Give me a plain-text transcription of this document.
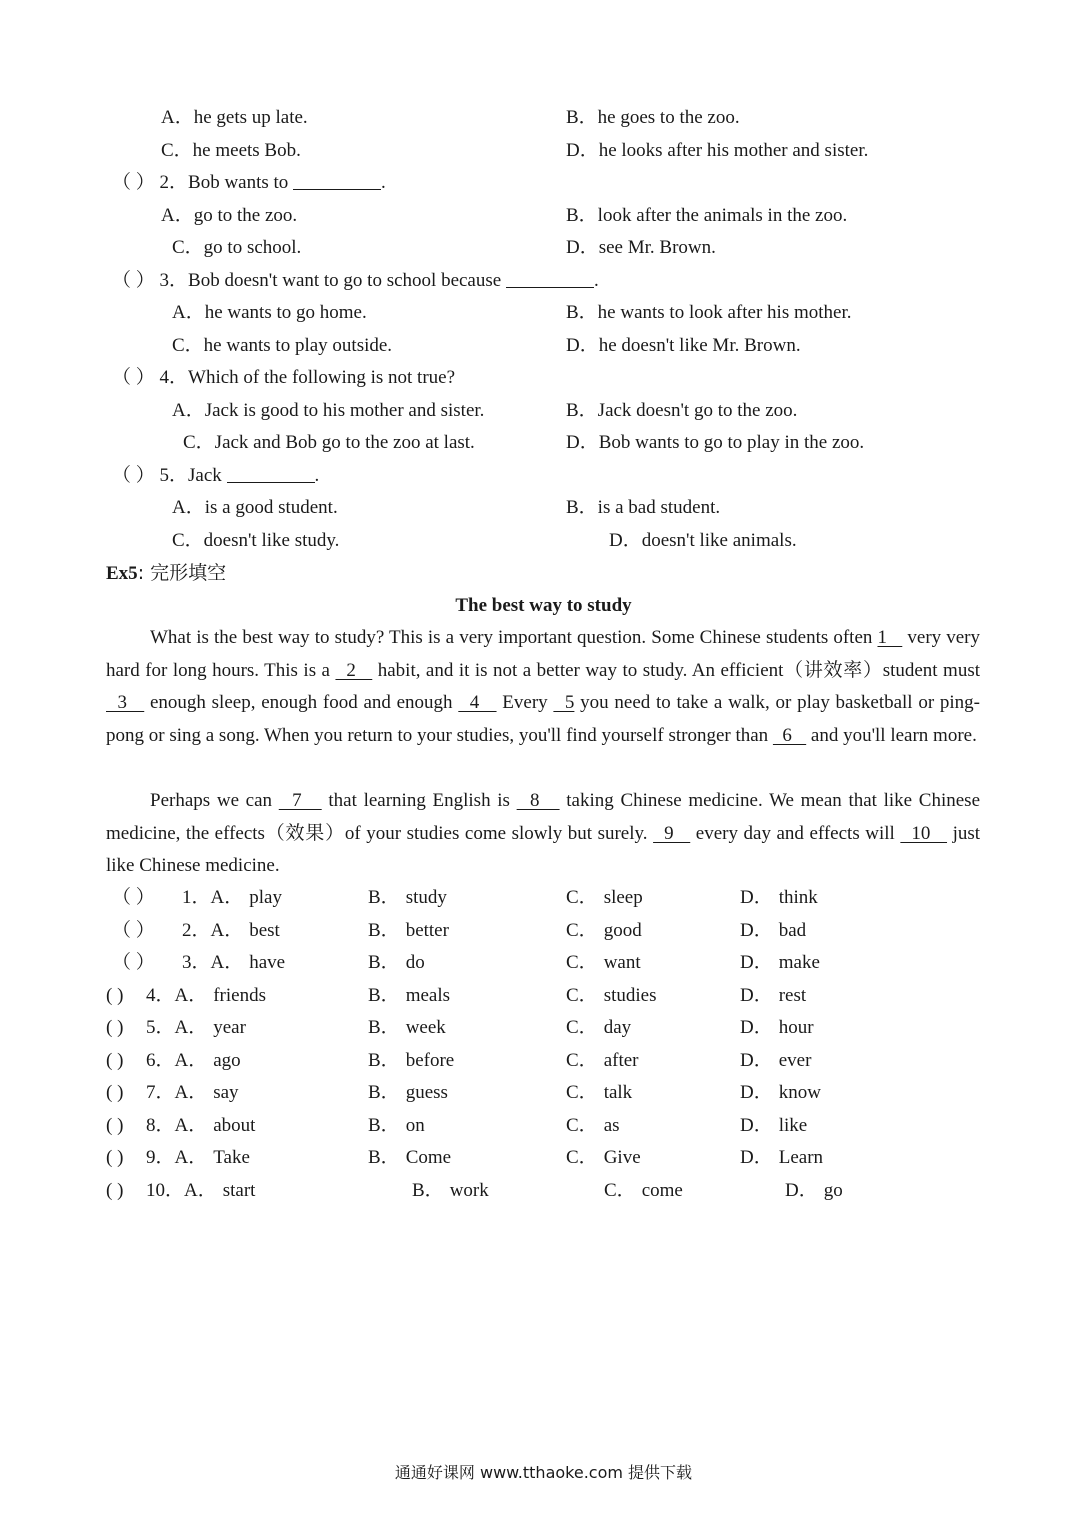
A．he gets up late.	B．he goes to the zoo.
C．he meets Bob.	D．he looks after his mother and sister.
（ ） 2．Bob wants to	.
A．go to the zoo.	B．look after the animals in the zoo.
C．go to school.	D．see Mr. Brown.
（ ） 3．Bob doesn't want to go to school because	.
A．he wants to go home.	B．he wants to look after his mother.
C．he wants to play outside.	D．he doesn't like Mr. Brown.
（ ） 4．Which of the following is not true?
A．Jack is good to his mother and sister.	B．Jack doesn't go to the zoo.
C．Jack and Bob go to the zoo at last.	D．Bob wants to go to play in the zoo.
（ ） 5．Jack	.
A．is a good student.	B．is a bad student.
C．doesn't like study.	D．doesn't like animals.
Ex5: 完形填空
The best way to study
What is the best way to study? This is a very important question. Some Chinese students often 1    very very hard for long hours. This is a   2    habit, and it is not a better way to study. An efficient（讲效率）student must   3    enough sleep, enough food and enough   4    Every   5 you need to take a walk, or play basketball or ping-pong or sing a song. When you return to your studies, you'll find yourself stronger than   6    and you'll learn more.
Perhaps we can   7    that learning English is   8    taking Chinese medicine. We mean that like Chinese medicine, the effects（效果）of your studies come slowly but surely.   9    every day and effects will   10    just like Chinese medicine.
（ ） 1．A． play	B． study	C． sleep	D． think
（ ） 2．A． best	B． better	C． good	D． bad
（ ） 3．A． have	B． do	C． want	D． make
( ) 4．A． friends	B． meals	C． studies	D． rest
( ) 5．A． year	B． week	C． day	D． hour
( ) 6．A． ago	B． before	C． after	D． ever
( ) 7．A． say	B． guess	C． talk	D． know
( ) 8．A． about	B． on	C． as	D． like
( ) 9．A． Take	B． Come	C． Give	D． Learn
( ) 10．A． start	B． work	C． come	D． go
通通好课网 www.tthaoke.com 提供下载
